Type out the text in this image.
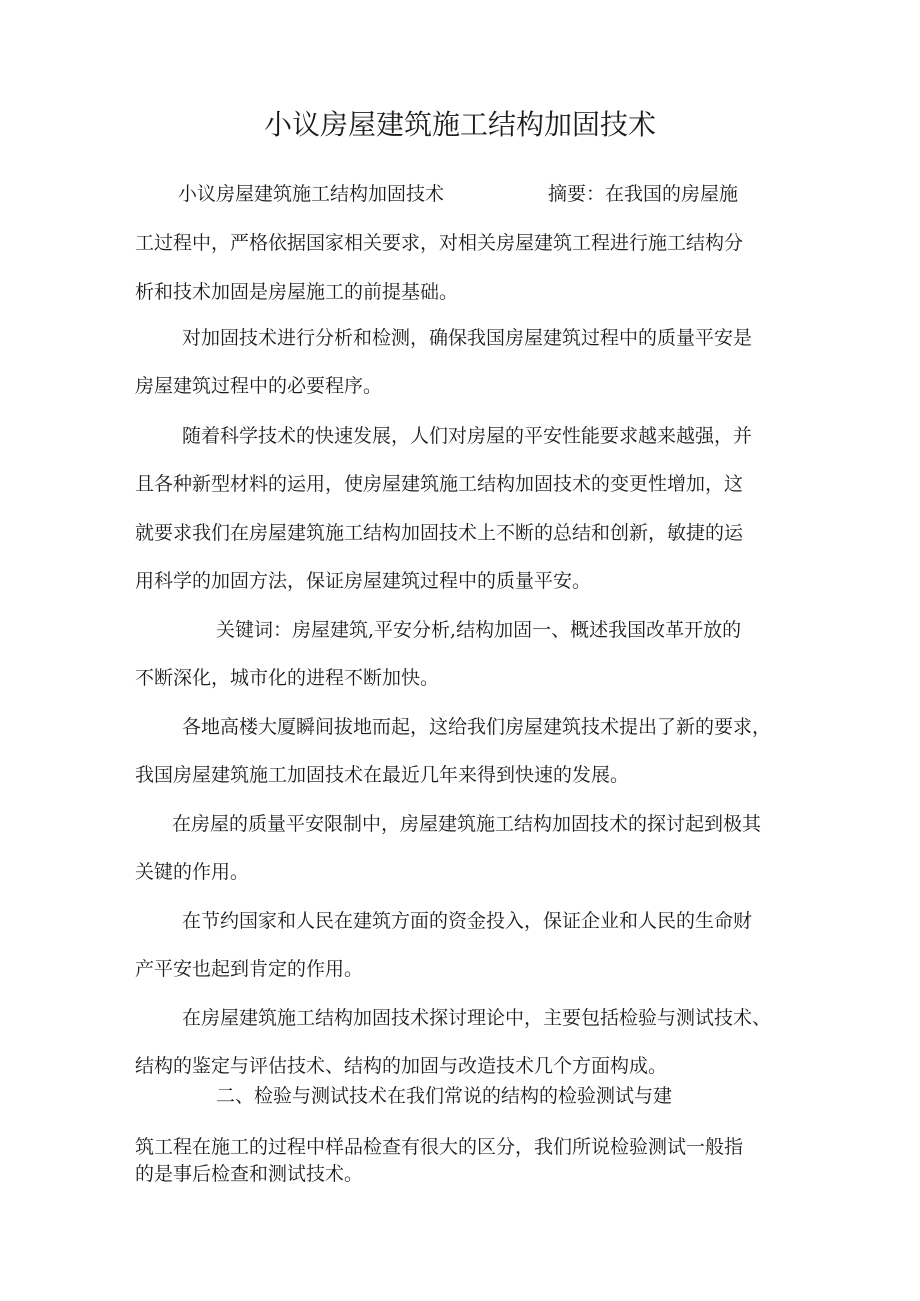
小议房屋建筑施工结构加固技术
小议房屋建筑施工结构加固技术	摘要：在我国的房屋施
工过程中，严格依据国家相关要求，对相关房屋建筑工程进行施工结构分
析和技术加固是房屋施工的前提基础。
对加固技术进行分析和检测，确保我国房屋建筑过程中的质量平安是
房屋建筑过程中的必要程序。
随着科学技术的快速发展，人们对房屋的平安性能要求越来越强，并
且各种新型材料的运用，使房屋建筑施工结构加固技术的变更性增加，这
就要求我们在房屋建筑施工结构加固技术上不断的总结和创新，敏捷的运
用科学的加固方法，保证房屋建筑过程中的质量平安。
关键词：房屋建筑,平安分析,结构加固一、概述我国改革开放的
不断深化，城市化的进程不断加快。
各地高楼大厦瞬间拔地而起，这给我们房屋建筑技术提出了新的要求，
我国房屋建筑施工加固技术在最近几年来得到快速的发展。
在房屋的质量平安限制中，房屋建筑施工结构加固技术的探讨起到极其
关键的作用。
在节约国家和人民在建筑方面的资金投入，保证企业和人民的生命财
产平安也起到肯定的作用。
在房屋建筑施工结构加固技术探讨理论中，主要包括检验与测试技术、
结构的鉴定与评估技术、结构的加固与改造技术几个方面构成。
二、检验与测试技术在我们常说的结构的检验测试与建
筑工程在施工的过程中样品检查有很大的区分，我们所说检验测试一般指
的是事后检查和测试技术。
